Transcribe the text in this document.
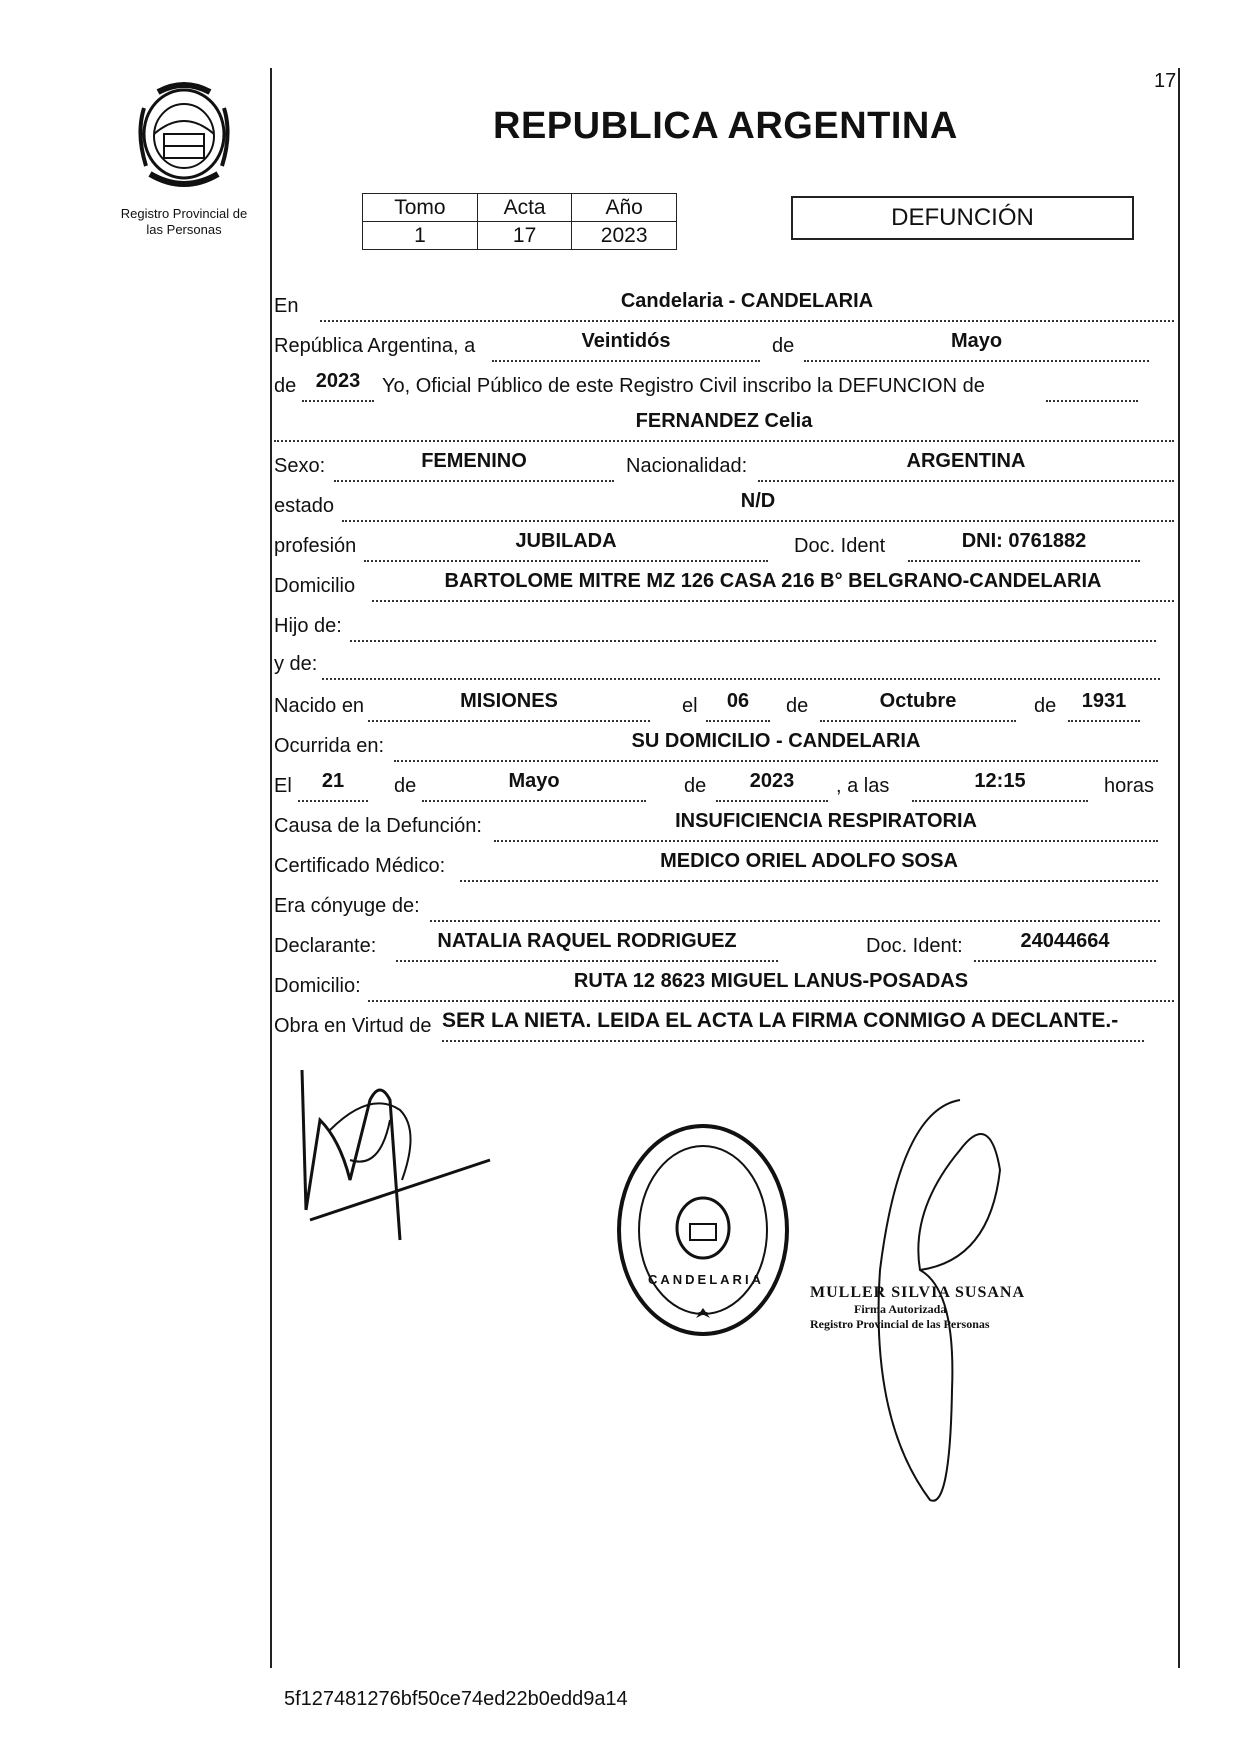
17
Registro Provincial de
las Personas
REPUBLICA ARGENTINA
Tomo	Acta	Año
1	17	2023
DEFUNCIÓN
En	Candelaria - CANDELARIA
República Argentina, a	Veintidós	de	Mayo
de 2023	Yo, Oficial Público de este Registro Civil inscribo la DEFUNCION de
FERNANDEZ Celia
Sexo:	FEMENINO	Nacionalidad:	ARGENTINA
estado	N/D
profesión	JUBILADA	Doc. Ident	DNI: 0761882
Domicilio	BARTOLOME MITRE MZ 126 CASA 216 B° BELGRANO-CANDELARIA
Hijo de:
y de:
Nacido en	MISIONES	el	06	de	Octubre	de	1931
Ocurrida en:	SU DOMICILIO - CANDELARIA
El	21	de	Mayo	de	2023	, a las	12:15	horas
Causa de la Defunción:	INSUFICIENCIA RESPIRATORIA
Certificado Médico:	MEDICO ORIEL ADOLFO SOSA
Era cónyuge de:
Declarante:	NATALIA RAQUEL RODRIGUEZ	Doc. Ident:	24044664
Domicilio:	RUTA 12 8623 MIGUEL LANUS-POSADAS
Obra en Virtud de SER LA NIETA. LEIDA EL ACTA LA FIRMA CONMIGO A DECLANTE.-
CANDELARIA
MULLER SILVIA SUSANA
Firma Autorizada
Registro Provincial de las Personas
5f127481276bf50ce74ed22b0edd9a14
